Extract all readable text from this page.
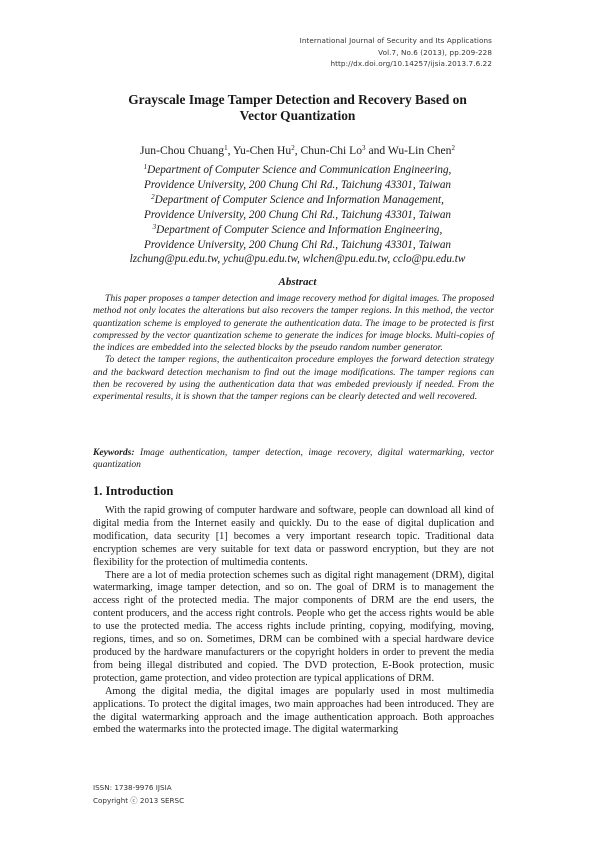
International Journal of Security and Its Applications
Vol.7, No.6 (2013), pp.209-228
http://dx.doi.org/10.14257/ijsia.2013.7.6.22
Grayscale Image Tamper Detection and Recovery Based on
Vector Quantization
Jun-Chou Chuang$^1$, Yu-Chen Hu$^2$, Chun-Chi Lo$^3$ and Wu-Lin Chen$^2$
$^1$Department of Computer Science and Communication Engineering,
Providence University, 200 Chung Chi Rd., Taichung 43301, Taiwan
$^2$Department of Computer Science and Information Management,
Providence University, 200 Chung Chi Rd., Taichung 43301, Taiwan
$^3$Department of Computer Science and Information Engineering,
Providence University, 200 Chung Chi Rd., Taichung 43301, Taiwan
lzchung@pu.edu.tw, ychu@pu.edu.tw, wlchen@pu.edu.tw, cclo@pu.edu.tw
Abstract

This paper proposes a tamper detection and image recovery method for digital images. The proposed method not only locates the alterations but also recovers the tamper regions. In this method, the vector quantization scheme is employed to generate the authentication data. The image to be protected is first compressed by the vector quantization scheme to generate the indices for image blocks. Multi-copies of the indices are embedded into the selected blocks by the pseudo random number generator.

To detect the tamper regions, the authenticaiton procedure employes the forward detection strategy and the backward detection mechanism to find out the image modifications. The tamper regions can then be recovered by using the authentication data that was embeded previously if needed. From the experimental results, it is shown that the tamper regions can be clearly detected and well recovered.

Keywords: Image authentication, tamper detection, image recovery, digital watermarking, vector quantization
1. Introduction

With the rapid growing of computer hardware and software, people can download all kind of digital media from the Internet easily and quickly. Du to the ease of digital duplication and modification, data security [1] becomes a very important research topic. Traditional data encryption schemes are very suitable for text data or password encryption, but they are not flexibility for the protection of multimedia contents.

There are a lot of media protection schemes such as digital right management (DRM), digital watermarking, image tamper detection, and so on. The goal of DRM is to management the access right of the protected media. The major components of DRM are the end users, the content producers, and the access right controls. People who get the access rights would be able to use the protected media. The access rights include printing, copying, modifying, moving, regions, times, and so on. Sometimes, DRM can be combined with a special hardware device produced by the hardware manufacturers or the copyright holders in order to prevent the media from being illegal distributed and copied. The DVD protection, E-Book protection, music protection, game protection, and video protection are typical applications of DRM.

Among the digital media, the digital images are popularly used in most multimedia applications. To protect the digital images, two main approaches had been introduced. They are the digital watermarking approach and the image authentication approach. Both approaches embed the watermarks into the protected image. The digital watermarking

ISSN: 1738-9976 IJSIA
Copyright ⓒ 2013 SERSC
